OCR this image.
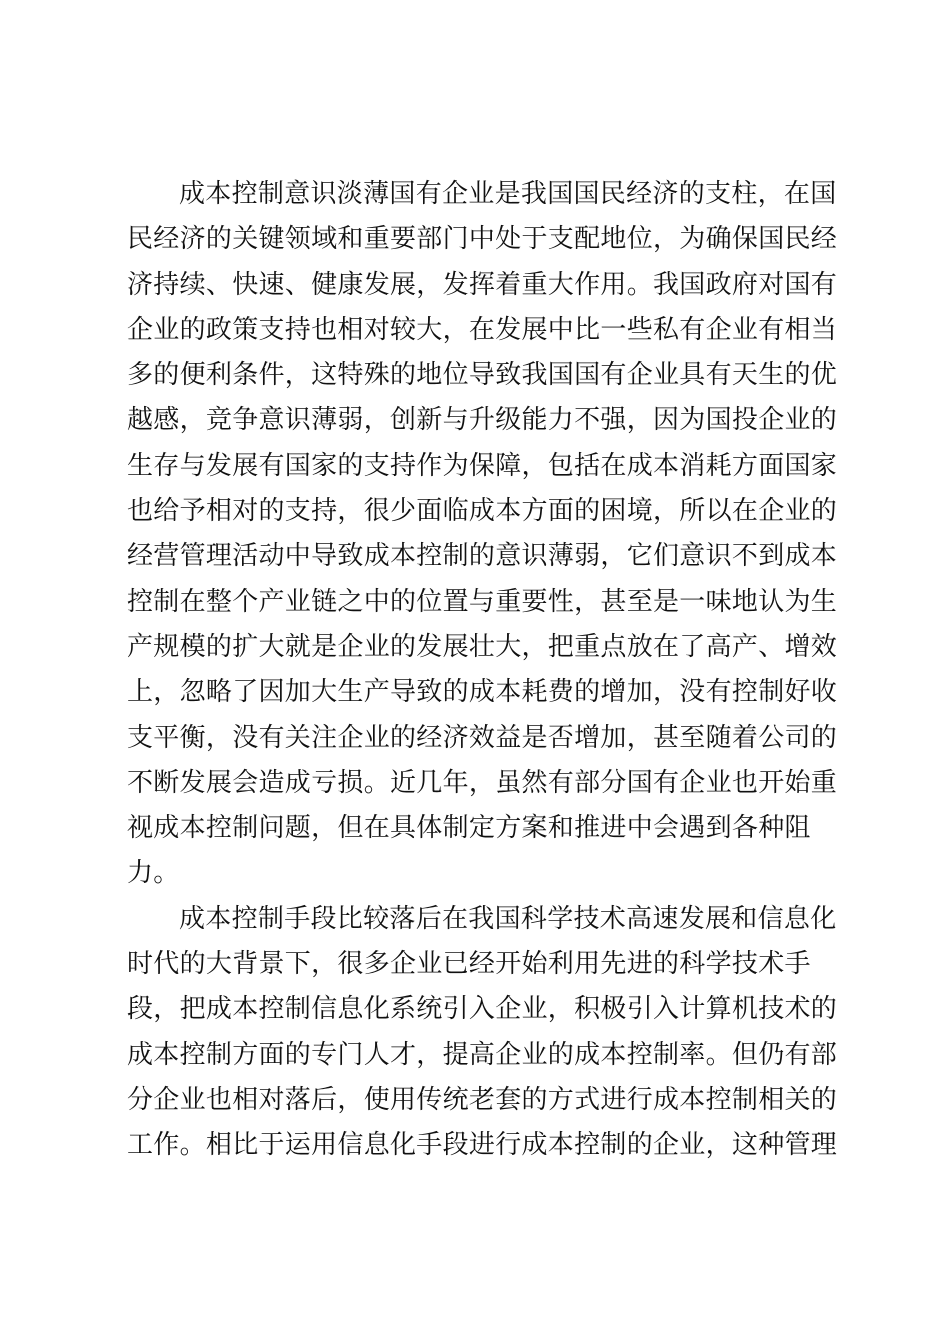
成本控制意识淡薄国有企业是我国国民经济的支柱，在国
民经济的关键领域和重要部门中处于支配地位，为确保国民经
济持续、快速、健康发展，发挥着重大作用。我国政府对国有
企业的政策支持也相对较大，在发展中比一些私有企业有相当
多的便利条件，这特殊的地位导致我国国有企业具有天生的优
越感，竞争意识薄弱，创新与升级能力不强，因为国投企业的
生存与发展有国家的支持作为保障，包括在成本消耗方面国家
也给予相对的支持，很少面临成本方面的困境，所以在企业的
经营管理活动中导致成本控制的意识薄弱，它们意识不到成本
控制在整个产业链之中的位置与重要性，甚至是一味地认为生
产规模的扩大就是企业的发展壮大，把重点放在了高产、增效
上，忽略了因加大生产导致的成本耗费的增加，没有控制好收
支平衡，没有关注企业的经济效益是否增加，甚至随着公司的
不断发展会造成亏损。近几年，虽然有部分国有企业也开始重
视成本控制问题，但在具体制定方案和推进中会遇到各种阻
力。
成本控制手段比较落后在我国科学技术高速发展和信息化
时代的大背景下，很多企业已经开始利用先进的科学技术手
段，把成本控制信息化系统引入企业，积极引入计算机技术的
成本控制方面的专门人才，提高企业的成本控制率。但仍有部
分企业也相对落后，使用传统老套的方式进行成本控制相关的
工作。相比于运用信息化手段进行成本控制的企业，这种管理
